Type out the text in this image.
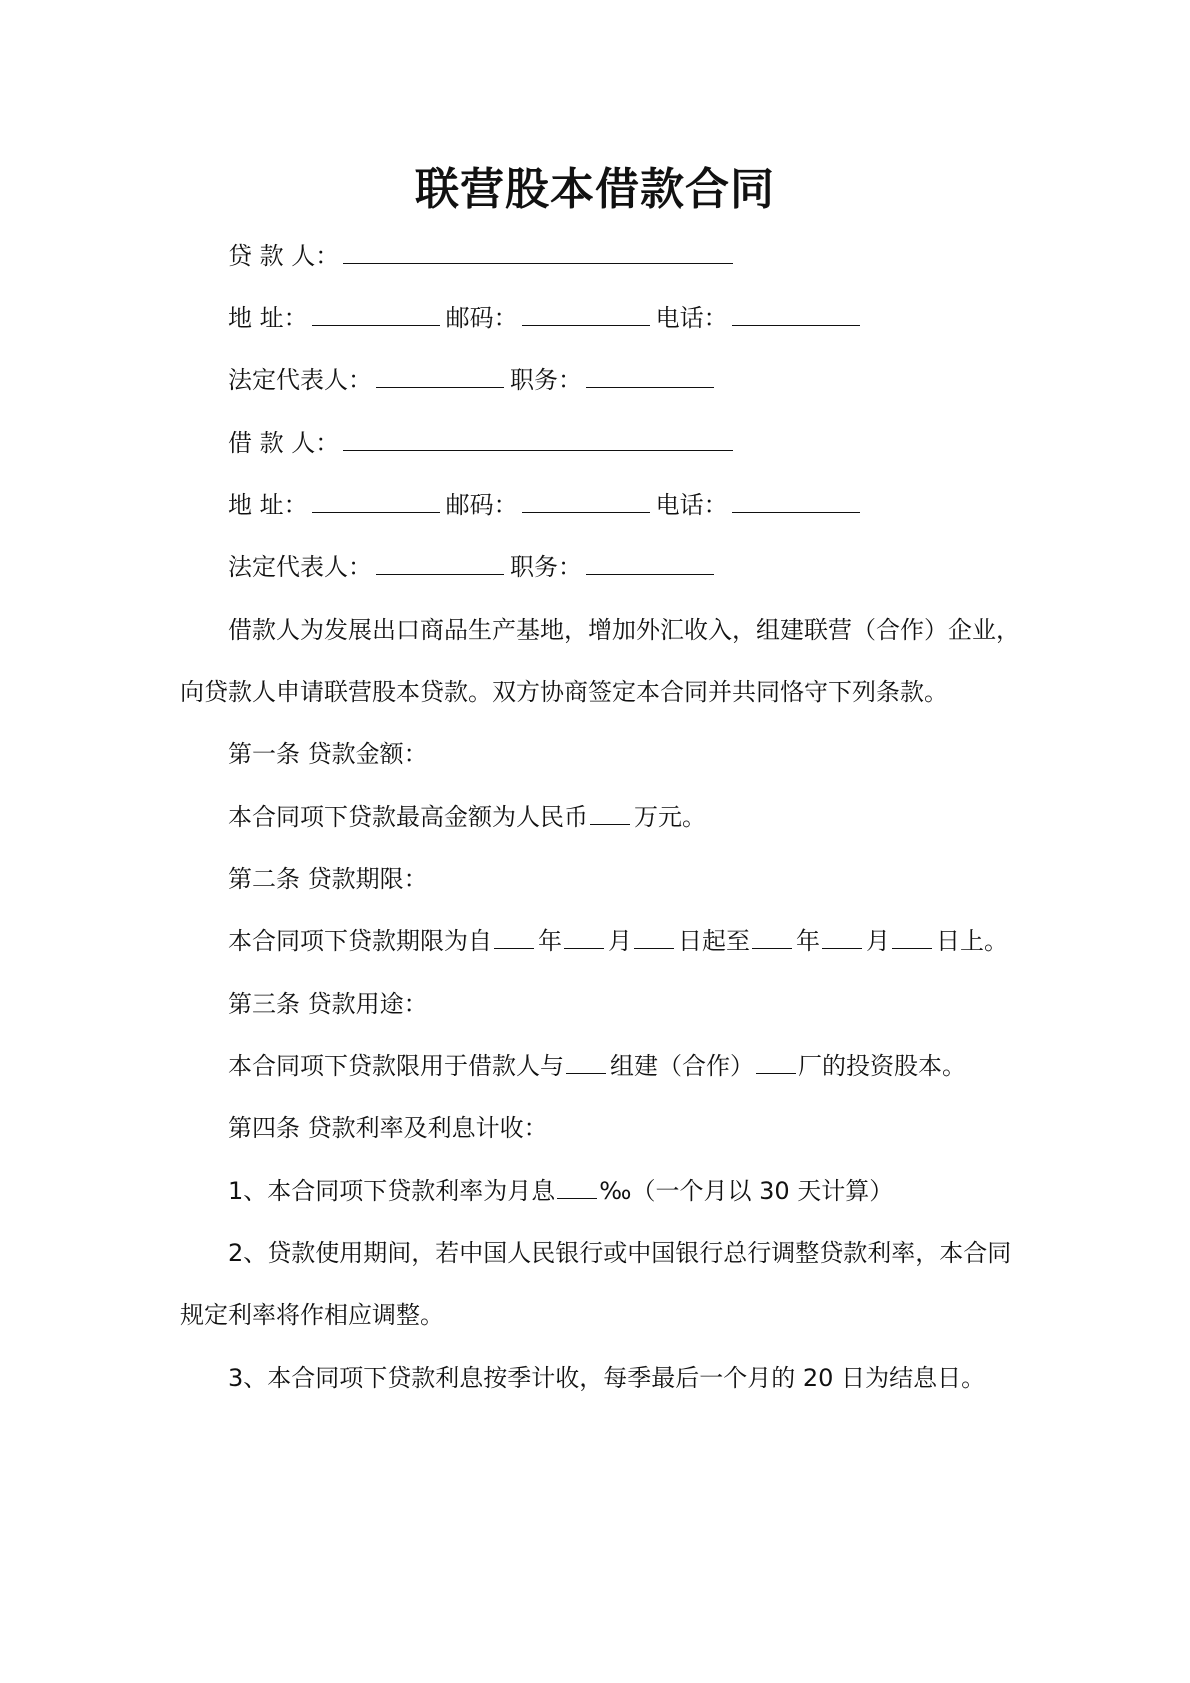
联营股本借款合同
贷 款 人：
地 址：	邮码：	电话：
法定代表人：	职务：
借 款 人：
地 址：	邮码：	电话：
法定代表人：	职务：
借款人为发展出口商品生产基地，增加外汇收入，组建联营（合作）企业，
向贷款人申请联营股本贷款。双方协商签定本合同并共同恪守下列条款。
第一条 贷款金额：
本合同项下贷款最高金额为人民币 万元。
第二条 贷款期限：
本合同项下贷款期限为自 年 月 日起至 年 月 日上。
第三条 贷款用途：
本合同项下贷款限用于借款人与 组建（合作） 厂的投资股本。
第四条 贷款利率及利息计收：
1、本合同项下贷款利率为月息 ‰（一个月以 30 天计算）
2、贷款使用期间，若中国人民银行或中国银行总行调整贷款利率，本合同
规定利率将作相应调整。
3、本合同项下贷款利息按季计收，每季最后一个月的 20 日为结息日。
